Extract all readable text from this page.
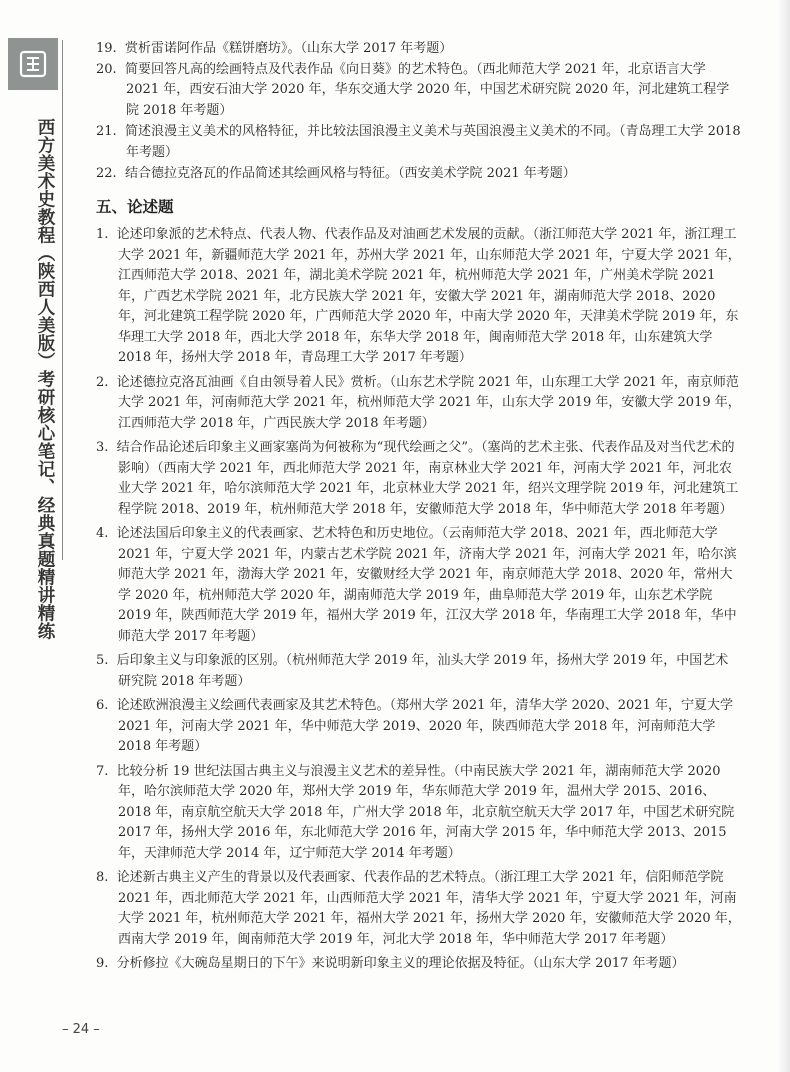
西方美术史教程（陕西人美版）考研核心笔记、经典真题精讲精练
19. 赏析雷诺阿作品《糕饼磨坊》。（山东大学 2017 年考题）
20. 简要回答凡高的绘画特点及代表作品《向日葵》的艺术特色。（西北师范大学 2021 年，北京语言大学 2021 年，西安石油大学 2020 年，华东交通大学 2020 年，中国艺术研究院 2020 年，河北建筑工程学院 2018 年考题）
21. 简述浪漫主义美术的风格特征，并比较法国浪漫主义美术与英国浪漫主义美术的不同。（青岛理工大学 2018 年考题）
22. 结合德拉克洛瓦的作品简述其绘画风格与特征。（西安美术学院 2021 年考题）
五、论述题
1. 论述印象派的艺术特点、代表人物、代表作品及对油画艺术发展的贡献。（浙江师范大学 2021 年，浙江理工大学 2021 年，新疆师范大学 2021 年，苏州大学 2021 年，山东师范大学 2021 年，宁夏大学 2021 年，江西师范大学 2018、2021 年，湖北美术学院 2021 年，杭州师范大学 2021 年，广州美术学院 2021 年，广西艺术学院 2021 年，北方民族大学 2021 年，安徽大学 2021 年，湖南师范大学 2018、2020 年，河北建筑工程学院 2020 年，广西师范大学 2020 年，中南大学 2020 年，天津美术学院 2019 年，东华理工大学 2018 年，西北大学 2018 年，东华大学 2018 年，闽南师范大学 2018 年，山东建筑大学 2018 年，扬州大学 2018 年，青岛理工大学 2017 年考题）
2. 论述德拉克洛瓦油画《自由领导着人民》赏析。（山东艺术学院 2021 年，山东理工大学 2021 年，南京师范大学 2021 年，河南师范大学 2021 年，杭州师范大学 2021 年，山东大学 2019 年，安徽大学 2019 年，江西师范大学 2018 年，广西民族大学 2018 年考题）
3. 结合作品论述后印象主义画家塞尚为何被称为“现代绘画之父”。（塞尚的艺术主张、代表作品及对当代艺术的影响）（西南大学 2021 年，西北师范大学 2021 年，南京林业大学 2021 年，河南大学 2021 年，河北农业大学 2021 年，哈尔滨师范大学 2021 年，北京林业大学 2021 年，绍兴文理学院 2019 年，河北建筑工程学院 2018、2019 年，杭州师范大学 2018 年，安徽师范大学 2018 年，华中师范大学 2018 年考题）
4. 论述法国后印象主义的代表画家、艺术特色和历史地位。（云南师范大学 2018、2021 年，西北师范大学 2021 年，宁夏大学 2021 年，内蒙古艺术学院 2021 年，济南大学 2021 年，河南大学 2021 年，哈尔滨师范大学 2021 年，渤海大学 2021 年，安徽财经大学 2021 年，南京师范大学 2018、2020 年，常州大学 2020 年，杭州师范大学 2020 年，湖南师范大学 2019 年，曲阜师范大学 2019 年，山东艺术学院 2019 年，陕西师范大学 2019 年，福州大学 2019 年，江汉大学 2018 年，华南理工大学 2018 年，华中师范大学 2017 年考题）
5. 后印象主义与印象派的区别。（杭州师范大学 2019 年，汕头大学 2019 年，扬州大学 2019 年，中国艺术研究院 2018 年考题）
6. 论述欧洲浪漫主义绘画代表画家及其艺术特色。（郑州大学 2021 年，清华大学 2020、2021 年，宁夏大学 2021 年，河南大学 2021 年，华中师范大学 2019、2020 年，陕西师范大学 2018 年，河南师范大学 2018 年考题）
7. 比较分析 19 世纪法国古典主义与浪漫主义艺术的差异性。（中南民族大学 2021 年，湖南师范大学 2020 年，哈尔滨师范大学 2020 年，郑州大学 2019 年，华东师范大学 2019 年，温州大学 2015、2016、2018 年，南京航空航天大学 2018 年，广州大学 2018 年，北京航空航天大学 2017 年，中国艺术研究院 2017 年，扬州大学 2016 年，东北师范大学 2016 年，河南大学 2015 年，华中师范大学 2013、2015 年，天津师范大学 2014 年，辽宁师范大学 2014 年考题）
8. 论述新古典主义产生的背景以及代表画家、代表作品的艺术特点。（浙江理工大学 2021 年，信阳师范学院 2021 年，西北师范大学 2021 年，山西师范大学 2021 年，清华大学 2021 年，宁夏大学 2021 年，河南大学 2021 年，杭州师范大学 2021 年，福州大学 2021 年，扬州大学 2020 年，安徽师范大学 2020 年，西南大学 2019 年，闽南师范大学 2019 年，河北大学 2018 年，华中师范大学 2017 年考题）
9. 分析修拉《大碗岛星期日的下午》来说明新印象主义的理论依据及特征。（山东大学 2017 年考题）
– 24 –
